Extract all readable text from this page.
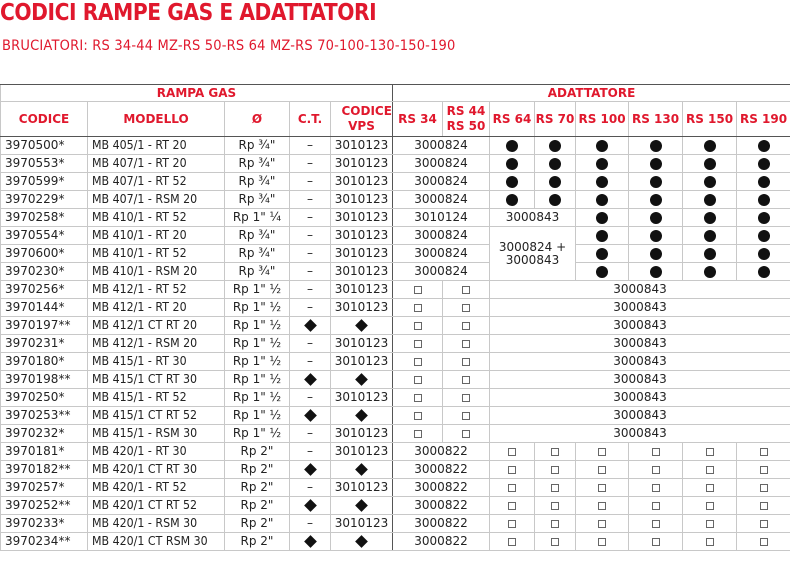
CODICI RAMPE GAS E ADATTATORI
BRUCIATORI: RS 34-44 MZ-RS 50-RS 64 MZ-RS 70-100-130-150-190
RAMPA GAS					ADATTATORE							
CODICE	MODELLO	Ø	C.T.	CODICE VPS	RS 34	RS 44 RS 50	RS 64	RS 70	RS 100	RS 130	RS 150	RS 190
3970500*	MB 405/1 - RT 20	Rp ¾"	–	3010123	3000824							
3970553*	MB 407/1 - RT 20	Rp ¾"	–	3010123	3000824							
3970599*	MB 407/1 - RT 52	Rp ¾"	–	3010123	3000824							
3970229*	MB 407/1 - RSM 20	Rp ¾"	–	3010123	3000824							
3970258*	MB 410/1 - RT 52	Rp 1" ¼	–	3010123	3010124		3000843					
3970554*	MB 410/1 - RT 20	Rp ¾"	–	3010123	3000824		3000824 + 3000843					
3970600*	MB 410/1 - RT 52	Rp ¾"	–	3010123	3000824							
3970230*	MB 410/1 - RSM 20	Rp ¾"	–	3010123	3000824							
3970256*	MB 412/1 - RT 52	Rp 1" ½	–	3010123			3000843					
3970144*	MB 412/1 - RT 20	Rp 1" ½	–	3010123			3000843					
3970197**	MB 412/1 CT RT 20	Rp 1" ½					3000843					
3970231*	MB 412/1 - RSM 20	Rp 1" ½	–	3010123			3000843					
3970180*	MB 415/1 - RT 30	Rp 1" ½	–	3010123			3000843					
3970198**	MB 415/1 CT RT 30	Rp 1" ½					3000843					
3970250*	MB 415/1 - RT 52	Rp 1" ½	–	3010123			3000843					
3970253**	MB 415/1 CT RT 52	Rp 1" ½					3000843					
3970232*	MB 415/1 - RSM 30	Rp 1" ½	–	3010123			3000843					
3970181*	MB 420/1 - RT 30	Rp 2"	–	3010123	3000822							
3970182**	MB 420/1 CT RT 30	Rp 2"			3000822							
3970257*	MB 420/1 - RT 52	Rp 2"	–	3010123	3000822							
3970252**	MB 420/1 CT RT 52	Rp 2"			3000822							
3970233*	MB 420/1 - RSM 30	Rp 2"	–	3010123	3000822							
3970234**	MB 420/1 CT RSM 30	Rp 2"			3000822							
